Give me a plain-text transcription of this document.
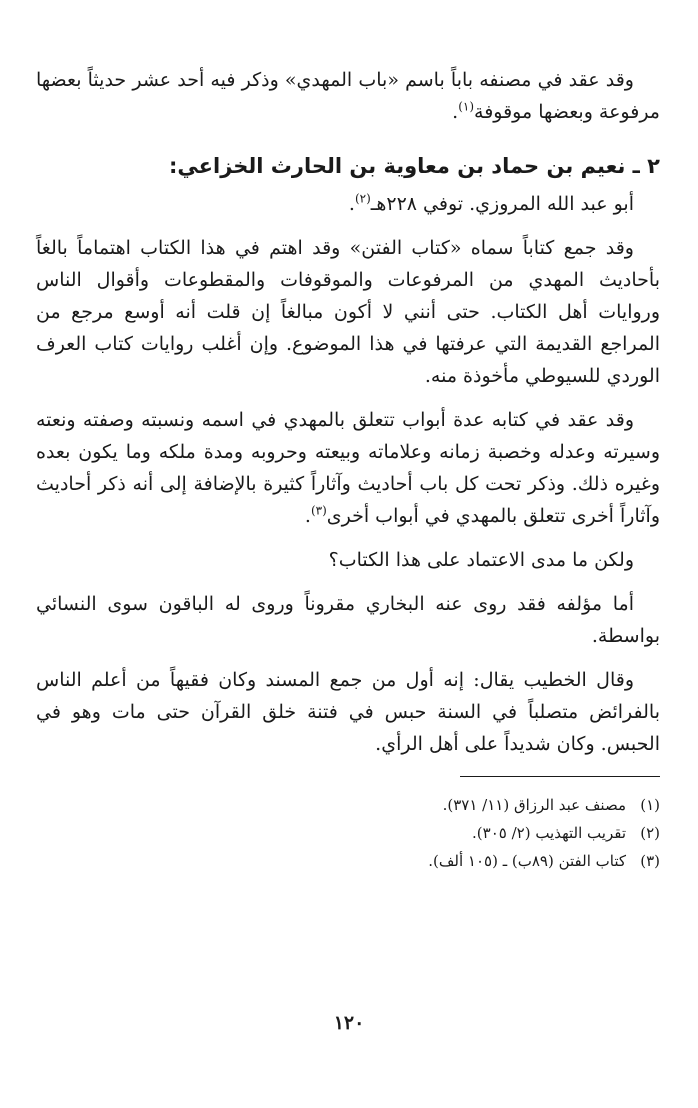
وقد عقد في مصنفه باباً باسم «باب المهدي» وذكر فيه أحد عشر حديثاً بعضها مرفوعة وبعضها موقوفة$^{(١)}$.

٢ ـ نعيم بن حماد بن معاوية بن الحارث الخزاعي:

أبو عبد الله المروزي. توفي ٢٢٨هـ$^{(٢)}$.

وقد جمع كتاباً سماه «كتاب الفتن» وقد اهتم في هذا الكتاب اهتماماً بالغاً بأحاديث المهدي من المرفوعات والموقوفات والمقطوعات وأقوال الناس وروايات أهل الكتاب. حتى أنني لا أكون مبالغاً إن قلت أنه أوسع مرجع من المراجع القديمة التي عرفتها في هذا الموضوع. وإن أغلب روايات كتاب العرف الوردي للسيوطي مأخوذة منه.

وقد عقد في كتابه عدة أبواب تتعلق بالمهدي في اسمه ونسبته وصفته ونعته وسيرته وعدله وخصبة زمانه وعلاماته وبيعته وحروبه ومدة ملكه وما يكون بعده وغيره ذلك. وذكر تحت كل باب أحاديث وآثاراً كثيرة بالإضافة إلى أنه ذكر أحاديث وآثاراً أخرى تتعلق بالمهدي في أبواب أخرى$^{(٣)}$.

ولكن ما مدى الاعتماد على هذا الكتاب؟

أما مؤلفه فقد روى عنه البخاري مقروناً وروى له الباقون سوى النسائي بواسطة.

وقال الخطيب يقال: إنه أول من جمع المسند وكان فقيهاً من أعلم الناس بالفرائض متصلباً في السنة حبس في فتنة خلق القرآن حتى مات وهو في الحبس. وكان شديداً على أهل الرأي.

(١)
مصنف عبد الرزاق (١١/ ٣٧١).
(٢)
تقريب التهذيب (٢/ ٣٠٥).
(٣)
كتاب الفتن (٨٩ب) ـ (١٠٥ ألف).
١٢٠
